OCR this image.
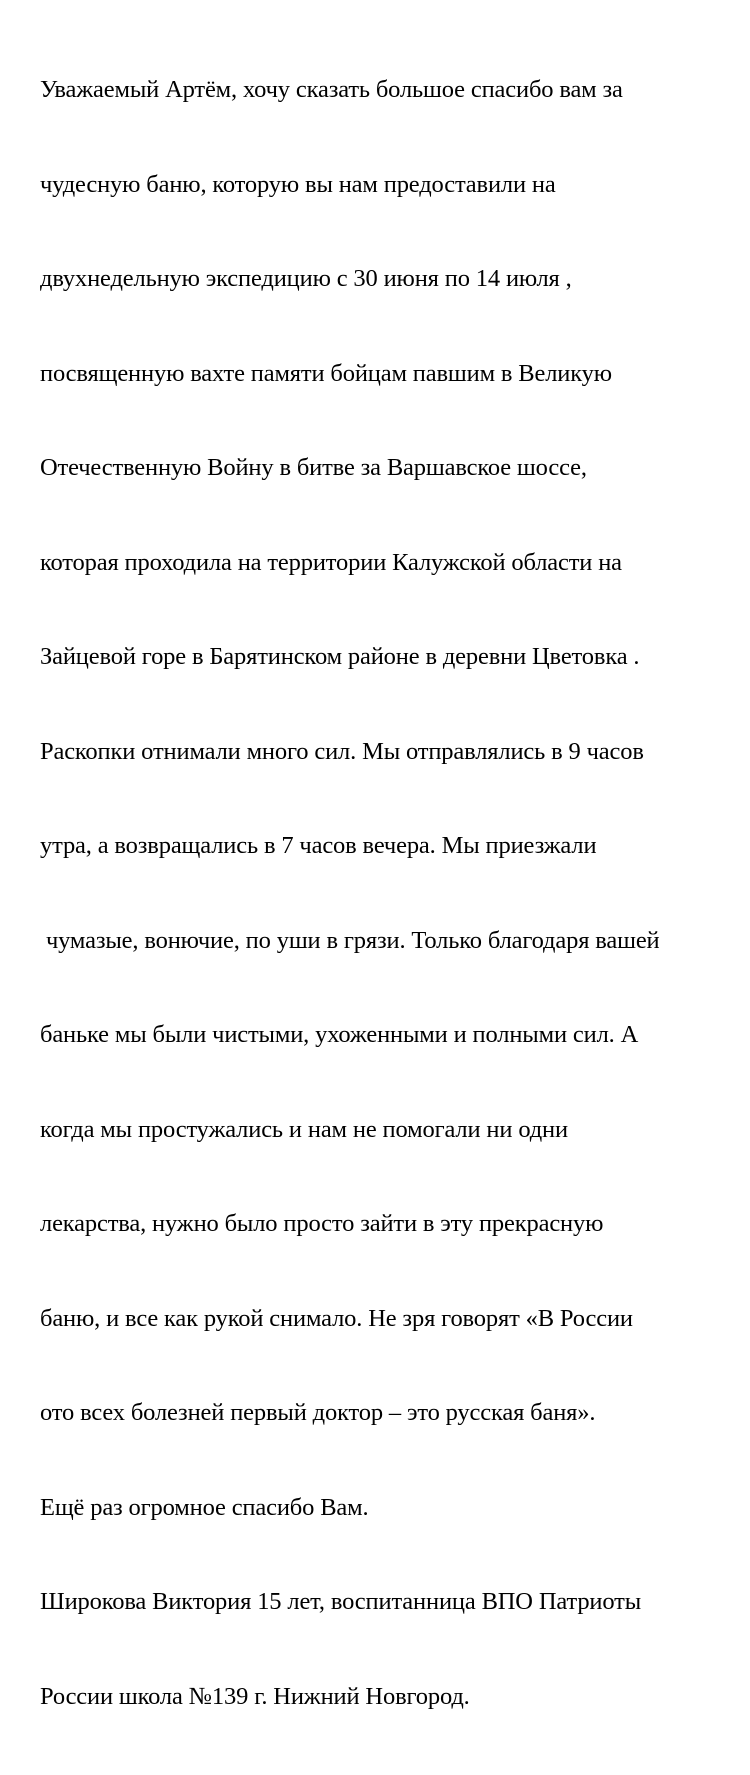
Уважаемый Артём, хочу сказать большое спасибо вам за

чудесную баню, которую вы нам предоставили на

двухнедельную экспедицию с 30 июня по 14 июля ,

посвященную вахте памяти бойцам павшим в Великую

Отечественную Войну в битве за Варшавское шоссе,

которая проходила на территории Калужской области на

Зайцевой горе в Барятинском районе в деревни Цветовка .

Раскопки отнимали много сил. Мы отправлялись в 9 часов

утра, а возвращались в 7 часов вечера. Мы приезжали

чумазые, вонючие, по уши в грязи. Только благодаря вашей

баньке мы были чистыми, ухоженными и полными сил. А

когда мы простужались и нам не помогали ни одни

лекарства, нужно было просто зайти в эту прекрасную

баню, и все как рукой снимало. Не зря говорят «В России

ото всех болезней первый доктор – это русская баня».

Ещё раз огромное спасибо Вам.

Широкова Виктория 15 лет, воспитанница ВПО Патриоты

России школа №139 г. Нижний Новгород.
